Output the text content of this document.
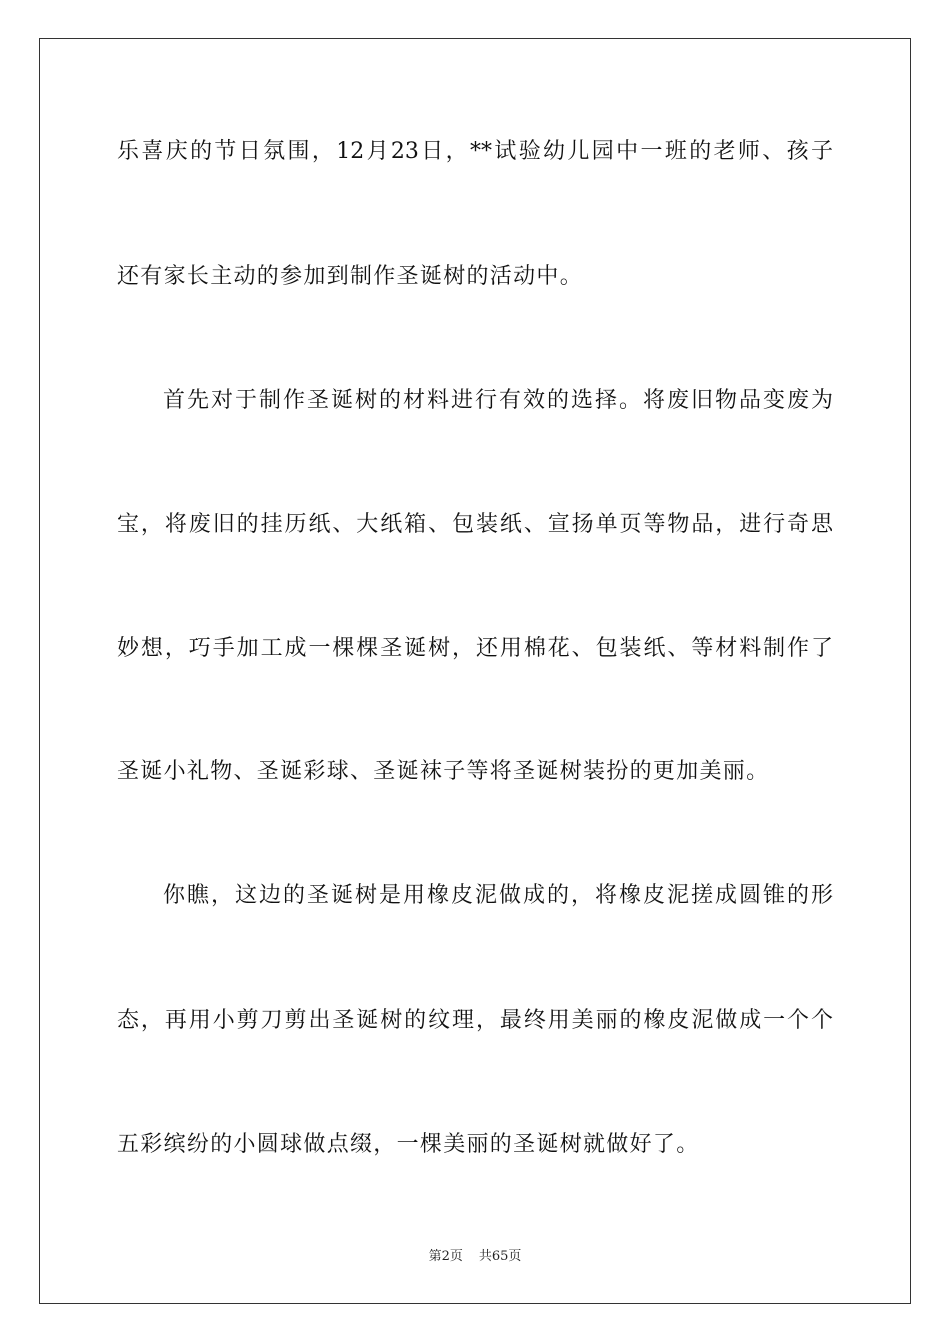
乐喜庆的节日氛围，12月23日，**试验幼儿园中一班的老师、孩子
还有家长主动的参加到制作圣诞树的活动中。
首先对于制作圣诞树的材料进行有效的选择。将废旧物品变废为
宝，将废旧的挂历纸、大纸箱、包装纸、宣扬单页等物品，进行奇思
妙想，巧手加工成一棵棵圣诞树，还用棉花、包装纸、等材料制作了
圣诞小礼物、圣诞彩球、圣诞袜子等将圣诞树装扮的更加美丽。
你瞧，这边的圣诞树是用橡皮泥做成的，将橡皮泥搓成圆锥的形
态，再用小剪刀剪出圣诞树的纹理，最终用美丽的橡皮泥做成一个个
五彩缤纷的小圆球做点缀，一棵美丽的圣诞树就做好了。
第2页 共65页
